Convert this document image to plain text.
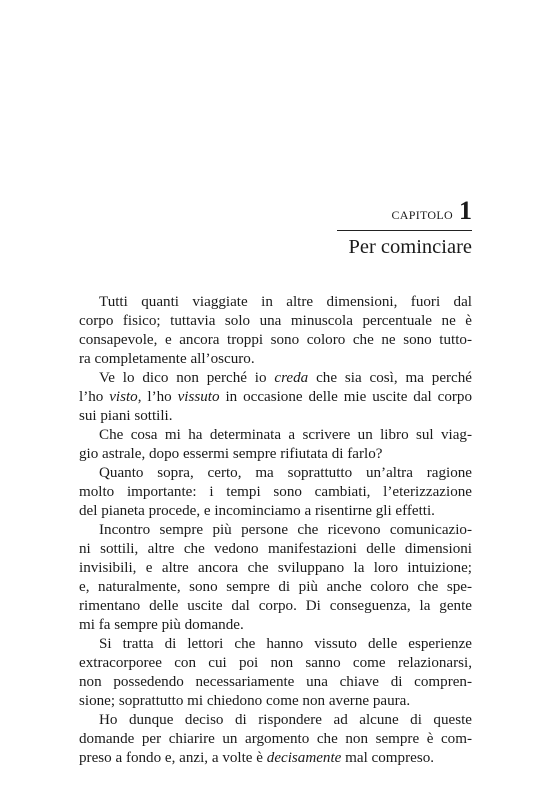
CAPITOLO 1
Per cominciare
Tutti quanti viaggiate in altre dimensioni, fuori dal
corpo fisico; tuttavia solo una minuscola percentuale ne è
consapevole, e ancora troppi sono coloro che ne sono tutto-
ra completamente all’oscuro.
Ve lo dico non perché io creda che sia così, ma perché
l’ho visto, l’ho vissuto in occasione delle mie uscite dal corpo
sui piani sottili.
Che cosa mi ha determinata a scrivere un libro sul viag-
gio astrale, dopo essermi sempre rifiutata di farlo?
Quanto sopra, certo, ma soprattutto un’altra ragione
molto importante: i tempi sono cambiati, l’eterizzazione
del pianeta procede, e incominciamo a risentirne gli effetti.
Incontro sempre più persone che ricevono comunicazio-
ni sottili, altre che vedono manifestazioni delle dimensioni
invisibili, e altre ancora che sviluppano la loro intuizione;
e, naturalmente, sono sempre di più anche coloro che spe-
rimentano delle uscite dal corpo. Di conseguenza, la gente
mi fa sempre più domande.
Si tratta di lettori che hanno vissuto delle esperienze
extracorporee con cui poi non sanno come relazionarsi,
non possedendo necessariamente una chiave di compren-
sione; soprattutto mi chiedono come non averne paura.
Ho dunque deciso di rispondere ad alcune di queste
domande per chiarire un argomento che non sempre è com-
preso a fondo e, anzi, a volte è decisamente mal compreso.
